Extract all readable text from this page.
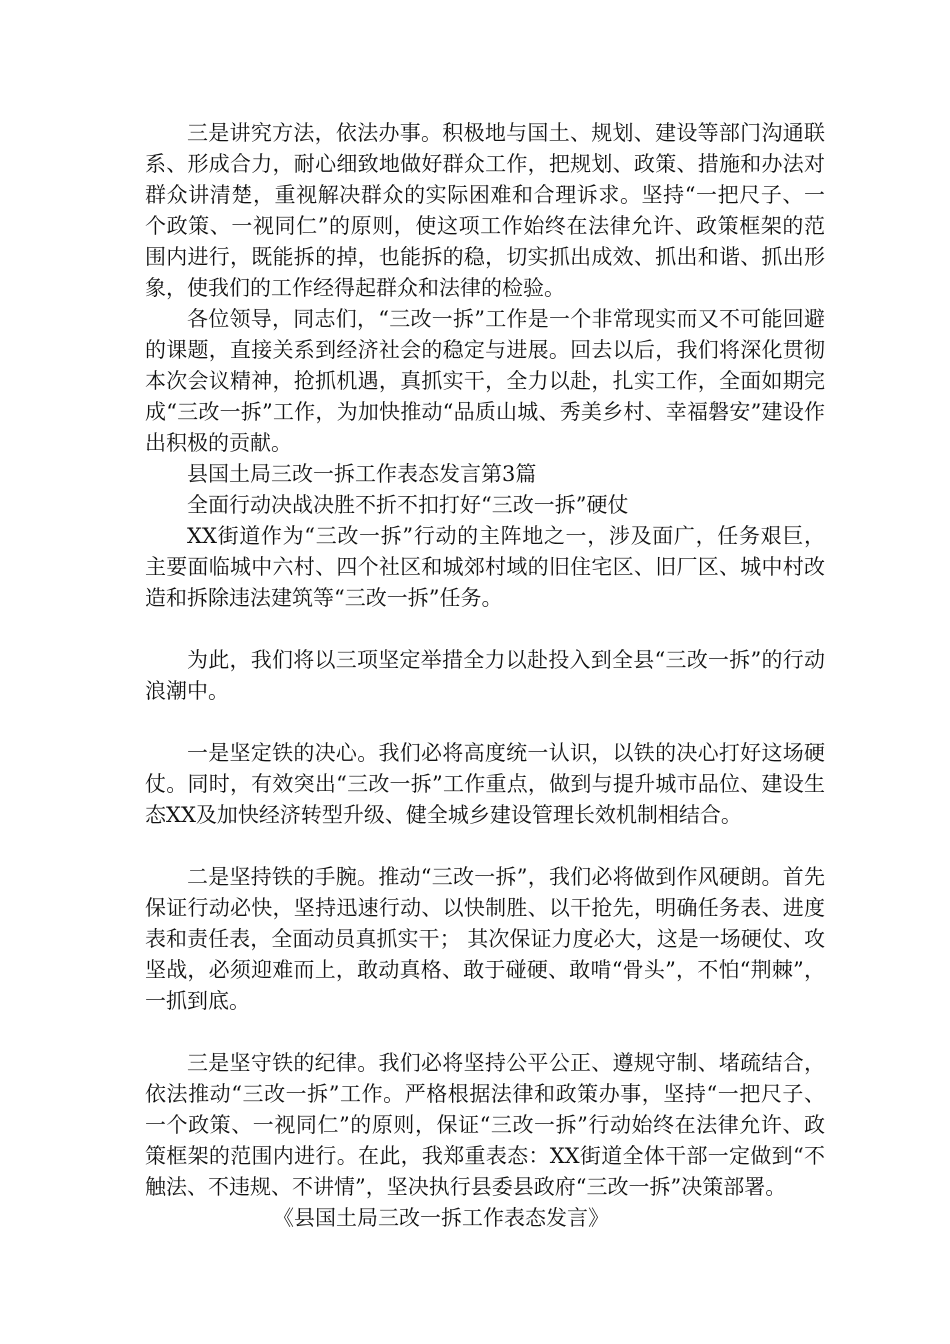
三是讲究方法，依法办事。积极地与国土、规划、建设等部门沟通联系、形成合力，耐心细致地做好群众工作，把规划、政策、措施和办法对群众讲清楚，重视解决群众的实际困难和合理诉求。坚持“一把尺子、一个政策、一视同仁”的原则，使这项工作始终在法律允许、政策框架的范围内进行，既能拆的掉，也能拆的稳，切实抓出成效、抓出和谐、抓出形象，使我们的工作经得起群众和法律的检验。

各位领导，同志们，“三改一拆”工作是一个非常现实而又不可能回避的课题，直接关系到经济社会的稳定与进展。回去以后，我们将深化贯彻本次会议精神，抢抓机遇，真抓实干，全力以赴，扎实工作，全面如期完成“三改一拆”工作，为加快推动“品质山城、秀美乡村、幸福磐安”建设作出积极的贡献。

县国土局三改一拆工作表态发言第3篇

全面行动决战决胜不折不扣打好“三改一拆”硬仗

XX街道作为“三改一拆”行动的主阵地之一，涉及面广，任务艰巨，主要面临城中六村、四个社区和城郊村域的旧住宅区、旧厂区、城中村改造和拆除违法建筑等“三改一拆”任务。

为此，我们将以三项坚定举措全力以赴投入到全县“三改一拆”的行动浪潮中。

一是坚定铁的决心。我们必将高度统一认识，以铁的决心打好这场硬仗。同时，有效突出“三改一拆”工作重点，做到与提升城市品位、建设生态XX及加快经济转型升级、健全城乡建设管理长效机制相结合。

二是坚持铁的手腕。推动“三改一拆”，我们必将做到作风硬朗。首先保证行动必快，坚持迅速行动、以快制胜、以干抢先，明确任务表、进度表和责任表，全面动员真抓实干； 其次保证力度必大，这是一场硬仗、攻坚战，必须迎难而上，敢动真格、敢于碰硬、敢啃“骨头”，不怕“荆棘”，一抓到底。

三是坚守铁的纪律。我们必将坚持公平公正、遵规守制、堵疏结合，依法推动“三改一拆”工作。严格根据法律和政策办事，坚持“一把尺子、一个政策、一视同仁”的原则，保证“三改一拆”行动始终在法律允许、政策框架的范围内进行。在此，我郑重表态：XX街道全体干部一定做到“不触法、不违规、不讲情”，坚决执行县委县政府“三改一拆”决策部署。

《县国土局三改一拆工作表态发言》
